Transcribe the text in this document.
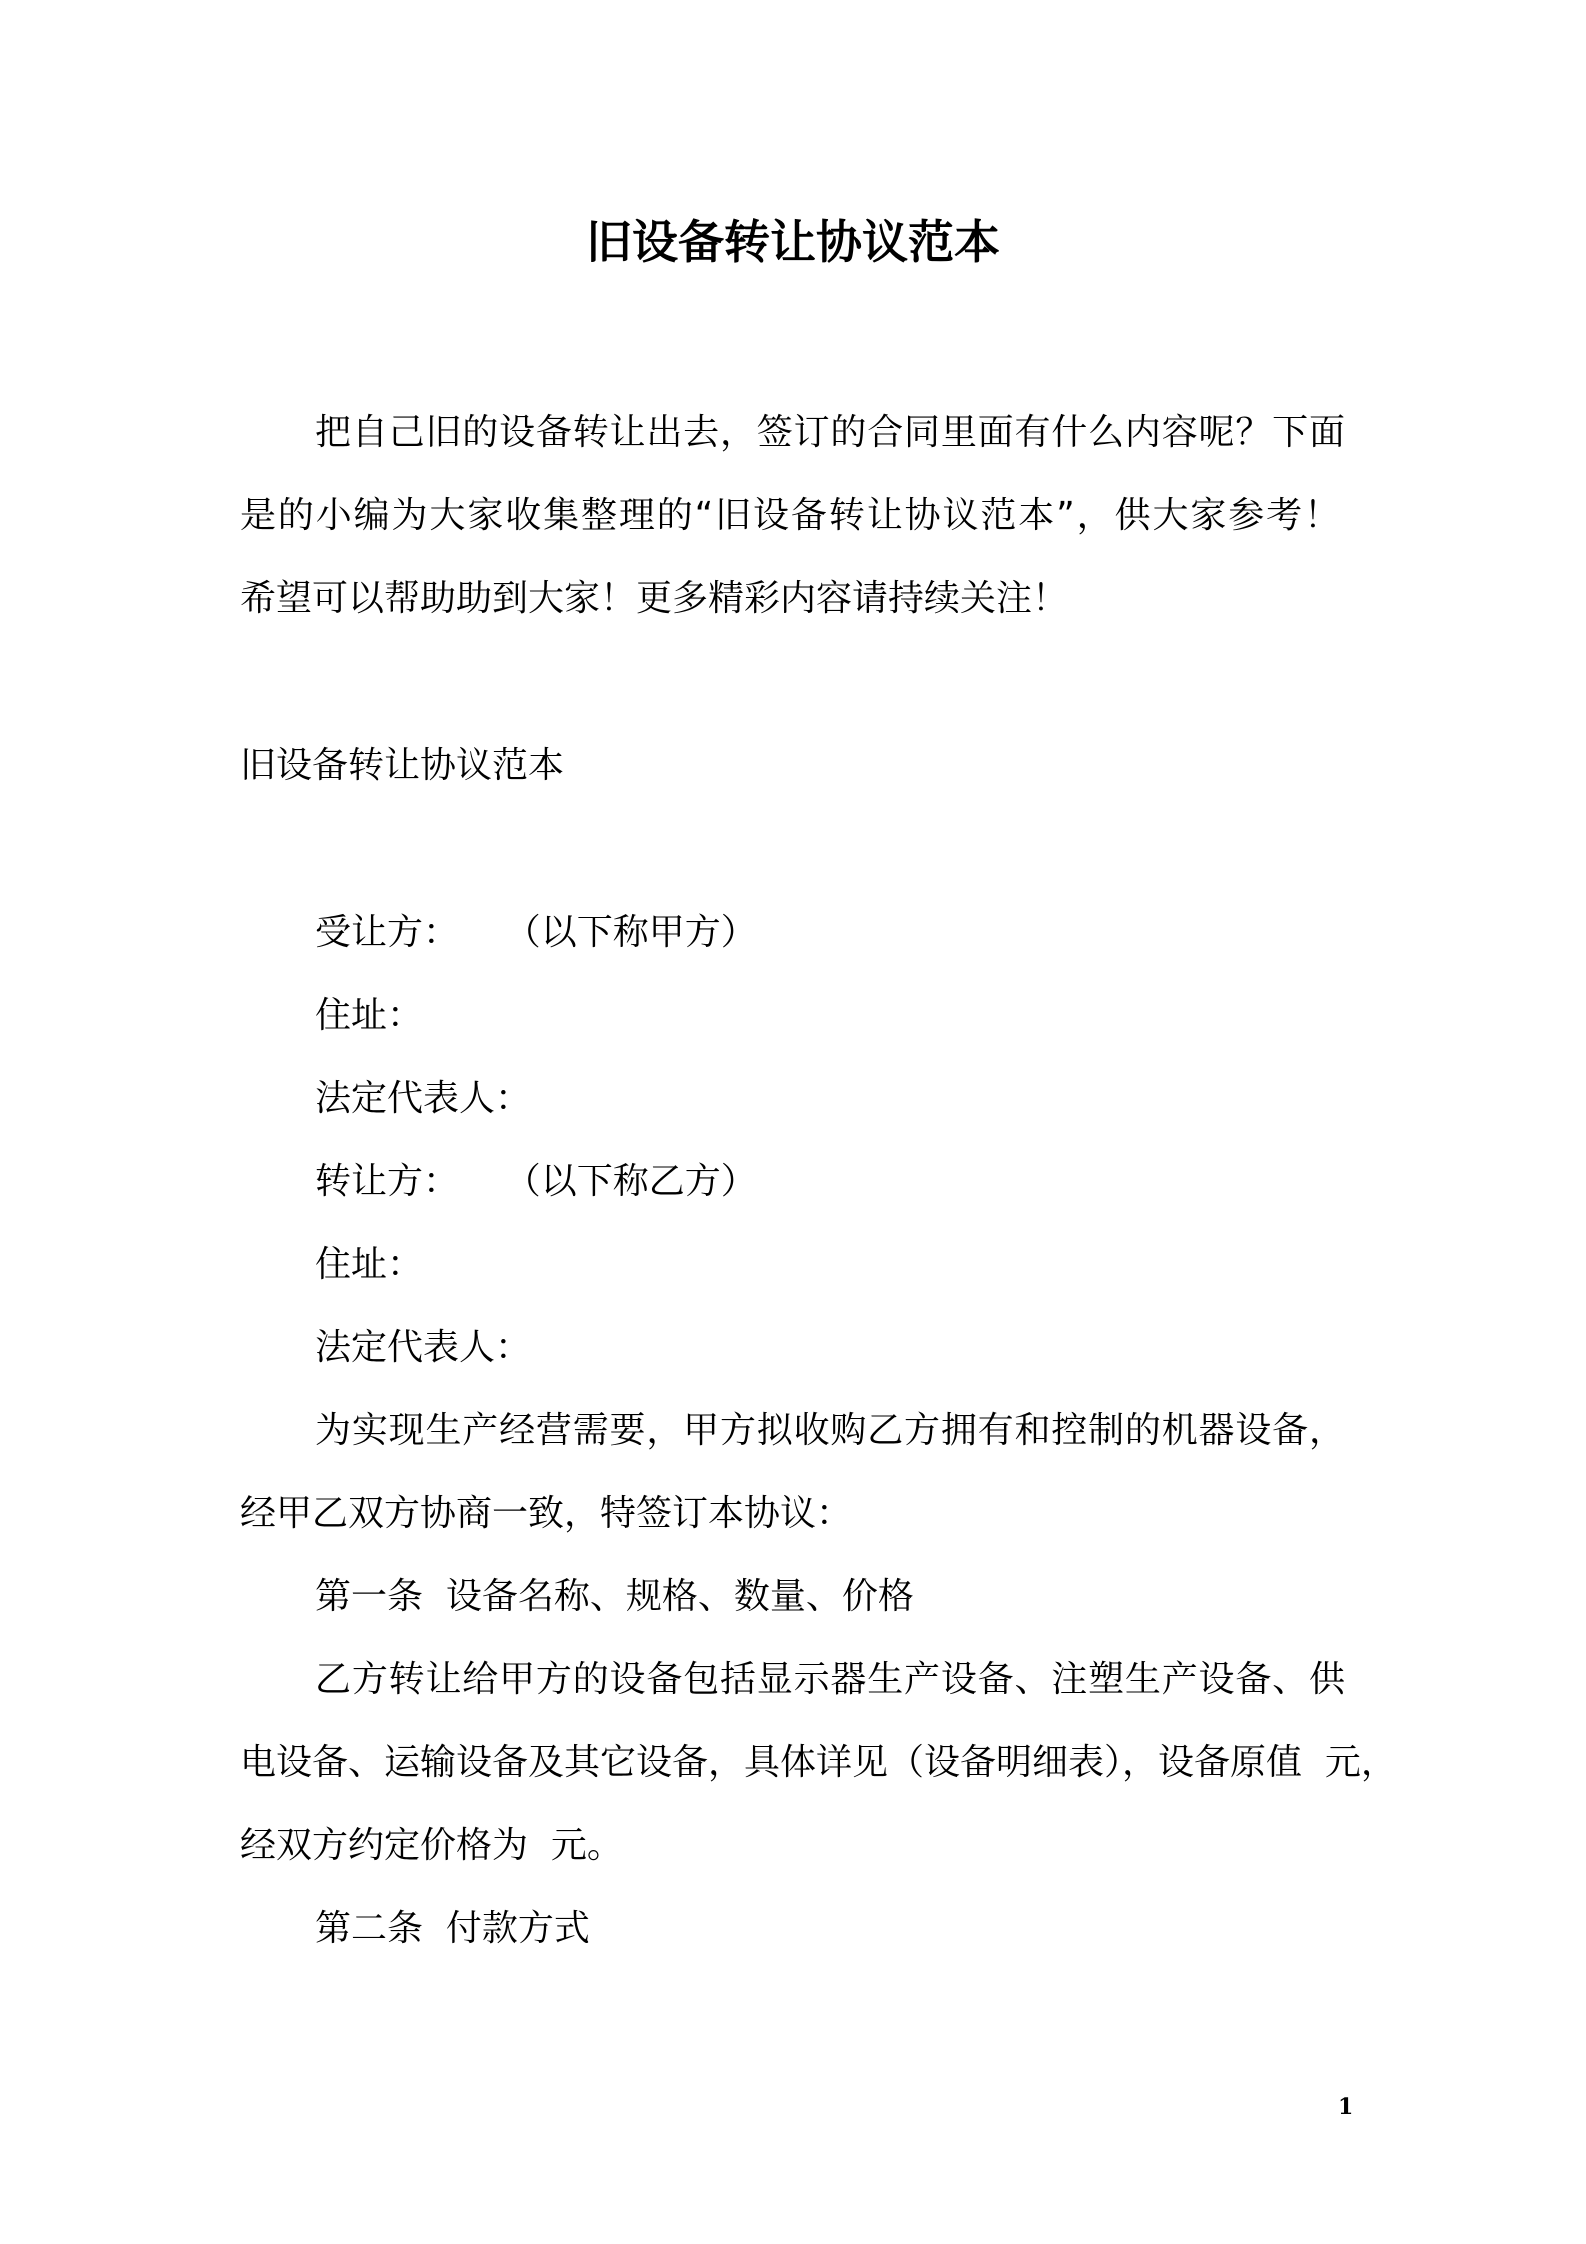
旧设备转让协议范本
把自己旧的设备转让出去，签订的合同里面有什么内容呢？下面
是的小编为大家收集整理的“旧设备转让协议范本”，供大家参考！
希望可以帮助助到大家！更多精彩内容请持续关注！
旧设备转让协议范本
受让方：    （以下称甲方）
住址：
法定代表人：
转让方：    （以下称乙方）
住址：
法定代表人：
为实现生产经营需要，甲方拟收购乙方拥有和控制的机器设备，
经甲乙双方协商一致，特签订本协议：
第一条  设备名称、规格、数量、价格
乙方转让给甲方的设备包括显示器生产设备、注塑生产设备、供
电设备、运输设备及其它设备，具体详见（设备明细表），设备原值  元，
经双方约定价格为  元。
第二条  付款方式
1
